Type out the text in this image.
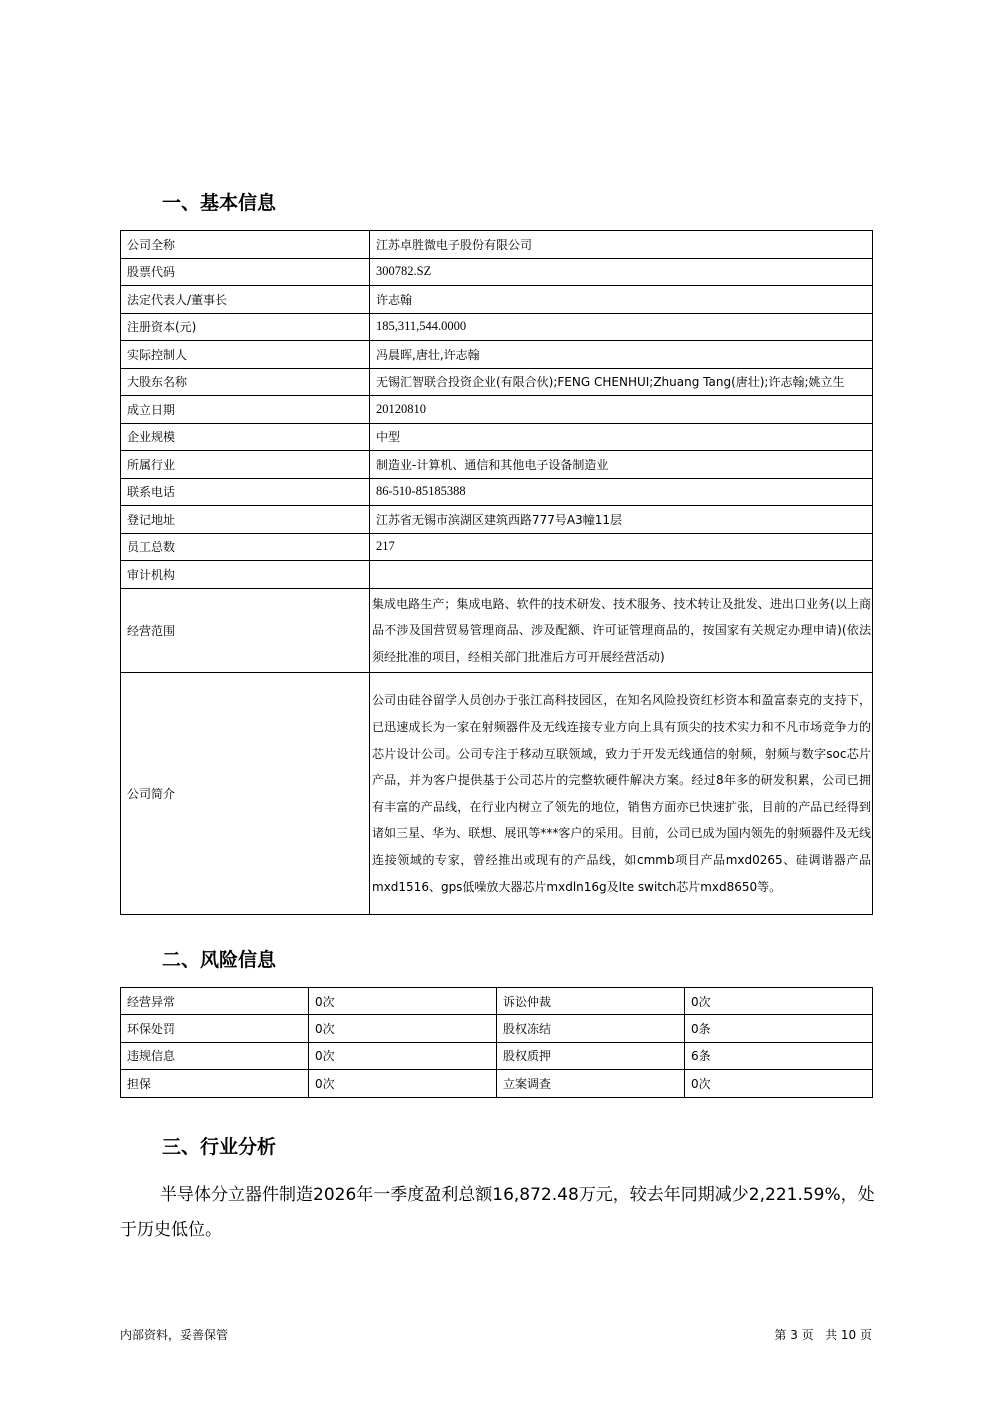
一、基本信息
公司全称	江苏卓胜微电子股份有限公司
股票代码	300782.SZ
法定代表人/董事长	许志翰
注册资本(元)	185,311,544.0000
实际控制人	冯晨晖,唐壮,许志翰
大股东名称	无锡汇智联合投资企业(有限合伙);FENG CHENHUI;Zhuang Tang(唐壮);许志翰;姚立生
成立日期	20120810
企业规模	中型
所属行业	制造业-计算机、通信和其他电子设备制造业
联系电话	86-510-85185388
登记地址	江苏省无锡市滨湖区建筑西路777号A3幢11层
员工总数	217
审计机构	
经营范围	集成电路生产；集成电路、软件的技术研发、技术服务、技术转让及批发、进出口业务(以上商品不涉及国营贸易管理商品、涉及配额、许可证管理商品的，按国家有关规定办理申请)(依法须经批准的项目，经相关部门批准后方可开展经营活动)
公司简介	公司由硅谷留学人员创办于张江高科技园区，在知名风险投资红杉资本和盈富泰克的支持下，已迅速成长为一家在射频器件及无线连接专业方向上具有顶尖的技术实力和不凡市场竞争力的芯片设计公司。公司专注于移动互联领域，致力于开发无线通信的射频，射频与数字soc芯片产品，并为客户提供基于公司芯片的完整软硬件解决方案。经过8年多的研发积累，公司已拥有丰富的产品线，在行业内树立了领先的地位，销售方面亦已快速扩张，目前的产品已经得到诸如三星、华为、联想、展讯等***客户的采用。目前，公司已成为国内领先的射频器件及无线连接领域的专家，曾经推出或现有的产品线，如cmmb项目产品mxd0265、硅调谐器产品mxd1516、gps低噪放大器芯片mxdln16g及lte switch芯片mxd8650等。
二、风险信息
经营异常	0次	诉讼仲裁	0次
环保处罚	0次	股权冻结	0条
违规信息	0次	股权质押	6条
担保	0次	立案调查	0次
三、行业分析

半导体分立器件制造2026年一季度盈利总额16,872.48万元，较去年同期减少2,221.59%，处于历史低位。

内部资料，妥善保管	第 3 页   共 10 页
